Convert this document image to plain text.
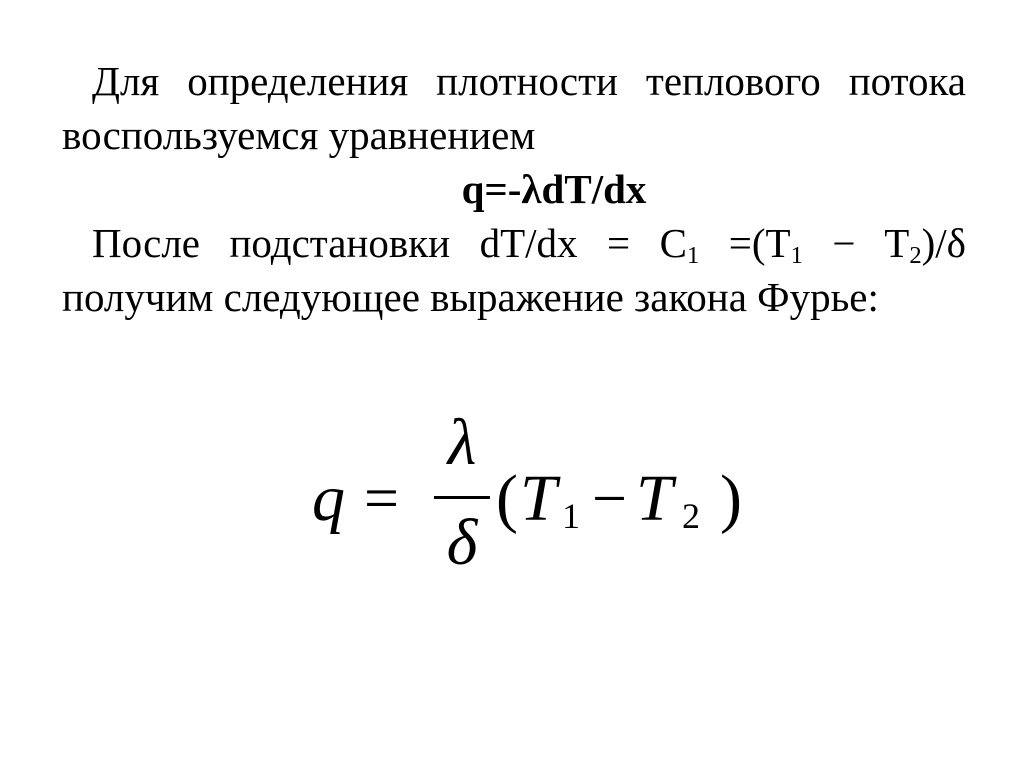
Для определения плотности теплового потока воспользуемся уравнением

q=-λdT/dx

После подстановки $dT/dx = C_1 =(T_1 - T_2)/\delta$ получим следующее выражение закона Фурье:

q =
λ
δ
( T 1 − T 2 )
